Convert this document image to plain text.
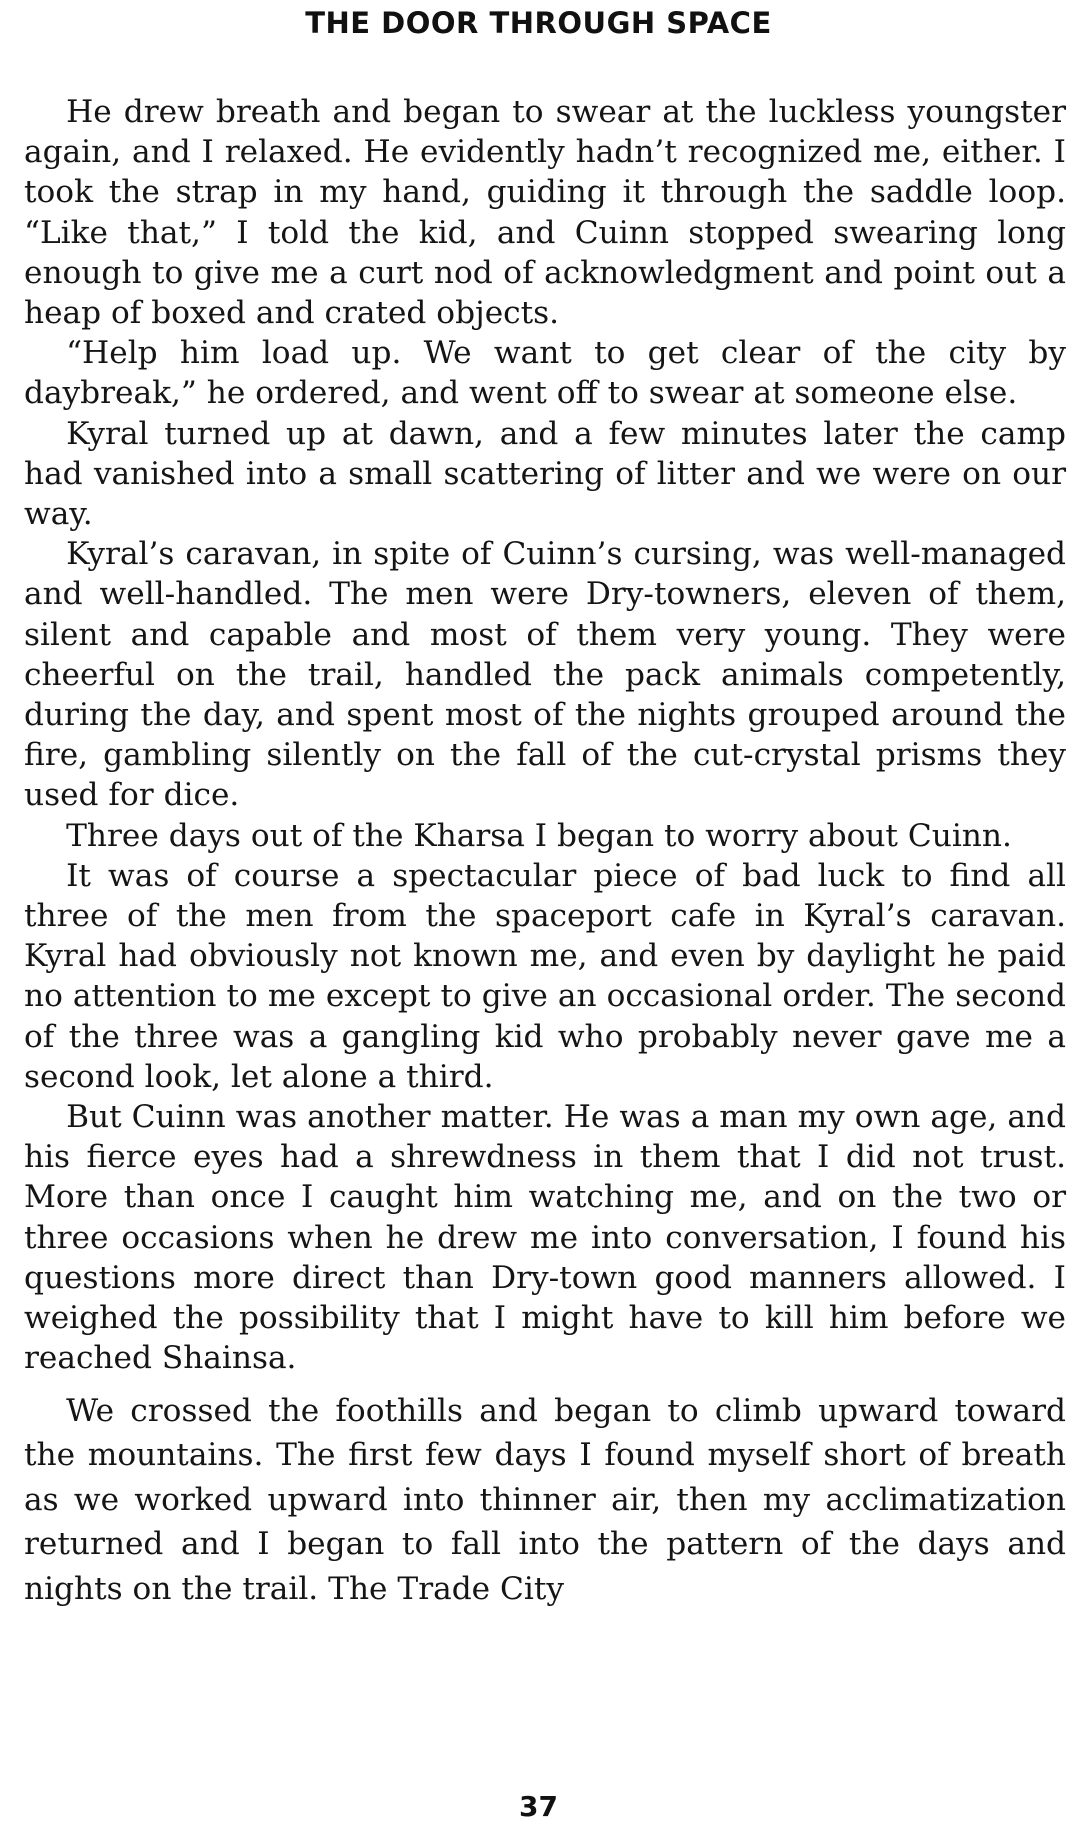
THE DOOR THROUGH SPACE

He drew breath and began to swear at the luckless youngster again, and I relaxed. He evidently hadn’t recognized me, either. I took the strap in my hand, guiding it through the saddle loop. “Like that,” I told the kid, and Cuinn stopped swearing long enough to give me a curt nod of acknowledgment and point out a heap of boxed and crated objects.

“Help him load up. We want to get clear of the city by daybreak,” he ordered, and went off to swear at someone else.

Kyral turned up at dawn, and a few minutes later the camp had vanished into a small scattering of litter and we were on our way.

Kyral’s caravan, in spite of Cuinn’s cursing, was well-managed and well-handled. The men were Dry-towners, eleven of them, silent and capable and most of them very young. They were cheerful on the trail, handled the pack animals competently, during the day, and spent most of the nights grouped around the fire, gambling silently on the fall of the cut-crystal prisms they used for dice.

Three days out of the Kharsa I began to worry about Cuinn.

It was of course a spectacular piece of bad luck to find all three of the men from the spaceport cafe in Kyral’s caravan. Kyral had obviously not known me, and even by daylight he paid no attention to me except to give an occasional order. The second of the three was a gangling kid who probably never gave me a second look, let alone a third.

But Cuinn was another matter. He was a man my own age, and his fierce eyes had a shrewdness in them that I did not trust. More than once I caught him watching me, and on the two or three occasions when he drew me into conversation, I found his questions more direct than Dry-town good manners allowed. I weighed the possibility that I might have to kill him before we reached Shainsa.

We crossed the foothills and began to climb upward toward the mountains. The first few days I found myself short of breath as we worked upward into thinner air, then my acclimatization returned and I began to fall into the pattern of the days and nights on the trail. The Trade City

37
